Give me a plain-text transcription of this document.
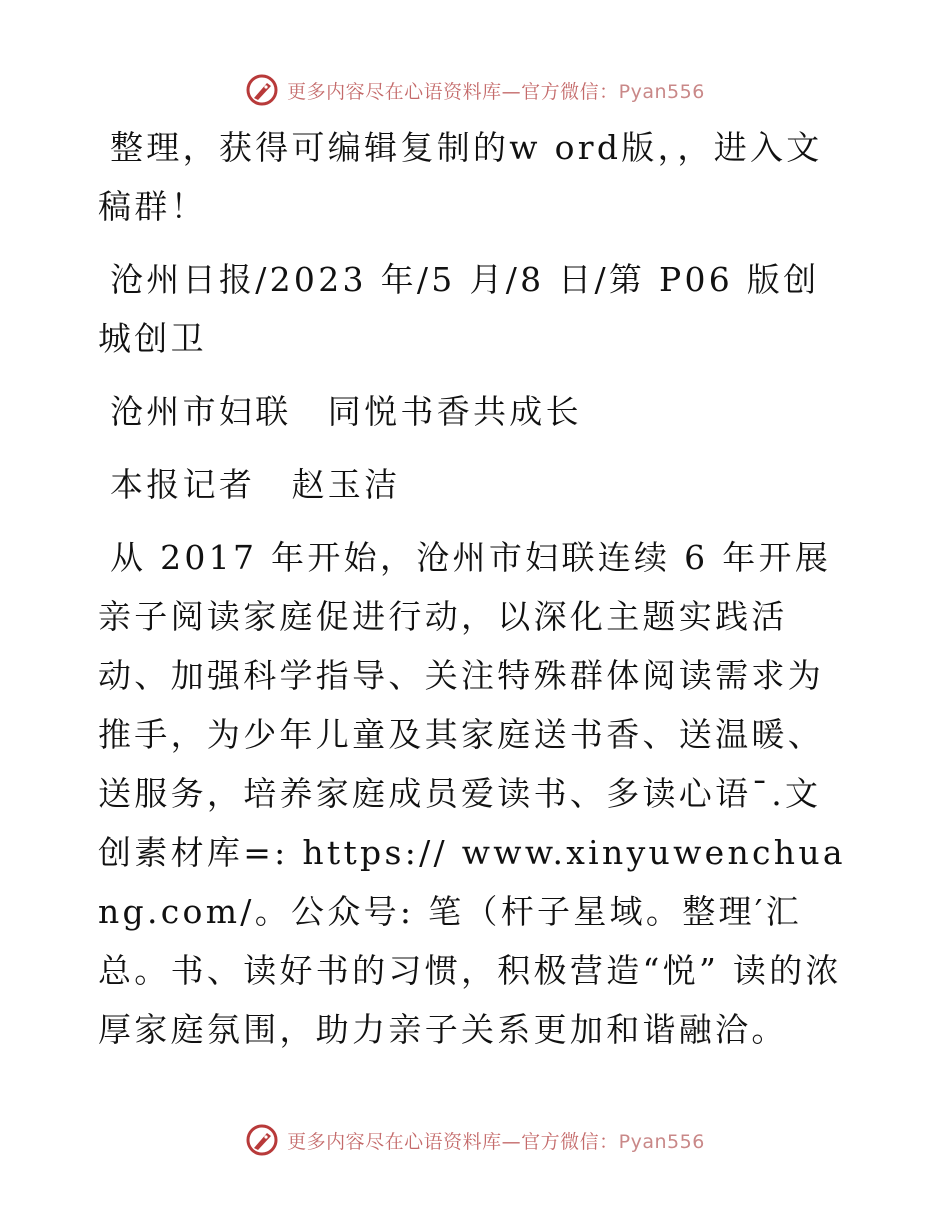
更多内容尽在心语资料库—官方微信：Pyan556

整理，获得可编辑复制的w ord版，，进入文稿群！

沧州日报/2023 年/5 月/8 日/第 P06 版创城创卫

沧州市妇联　同悦书香共成长

本报记者　赵玉洁

从 2017 年开始，沧州市妇联连续 6 年开展亲子阅读家庭促进行动，以深化主题实践活动、加强科学指导、关注特殊群体阅读需求为推手，为少年儿童及其家庭送书香、送温暖、送服务，培养家庭成员爱读书、多读心语¯.文创素材库=: https:// www.xinyuwenchuang.com/。公众号: 笔（杆子星域。整理′汇总。书、读好书的习惯，积极营造“悦” 读的浓厚家庭氛围，助力亲子关系更加和谐融洽。

更多内容尽在心语资料库—官方微信：Pyan556
